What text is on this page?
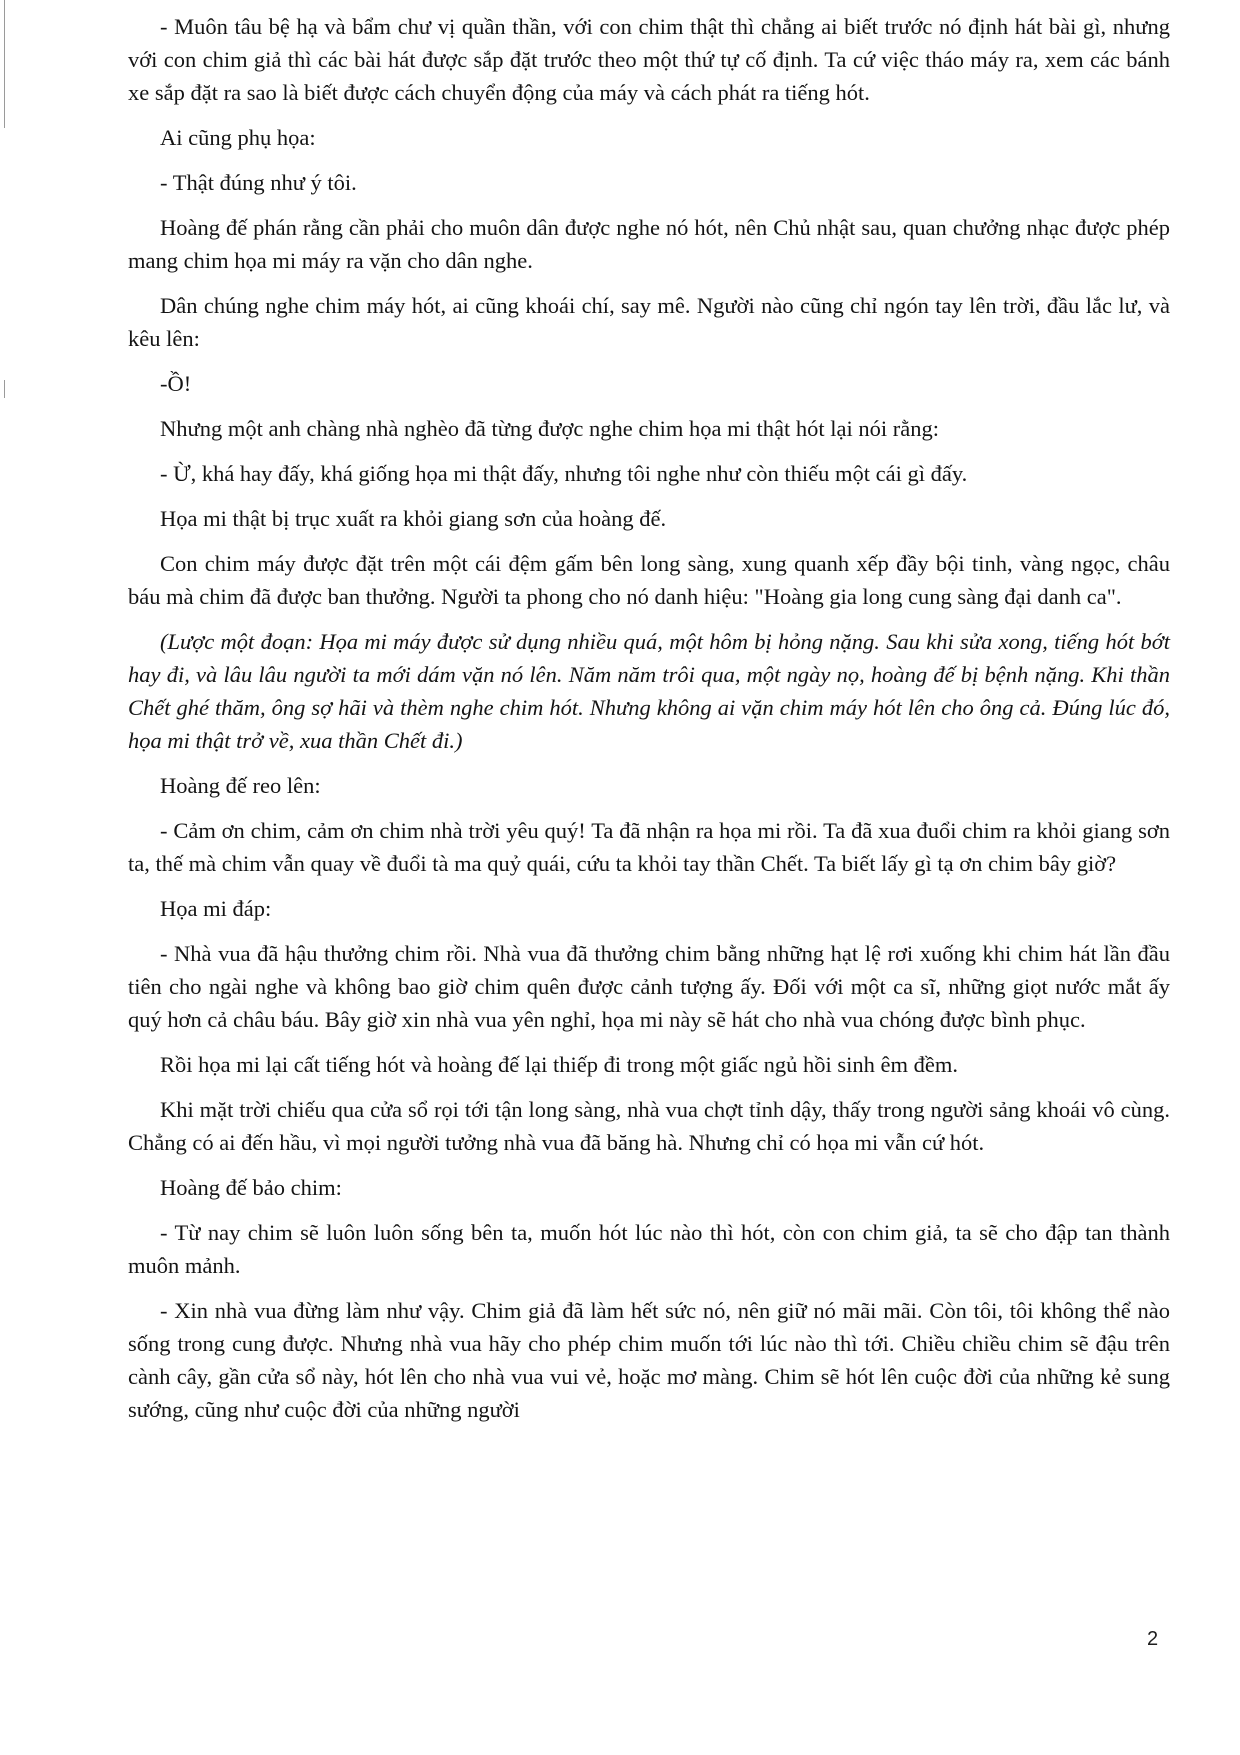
- Muôn tâu bệ hạ và bẩm chư vị quần thần, với con chim thật thì chẳng ai biết trước nó định hát bài gì, nhưng với con chim giả thì các bài hát được sắp đặt trước theo một thứ tự cố định. Ta cứ việc tháo máy ra, xem các bánh xe sắp đặt ra sao là biết được cách chuyển động của máy và cách phát ra tiếng hót.

Ai cũng phụ họa:

- Thật đúng như ý tôi.

Hoàng đế phán rằng cần phải cho muôn dân được nghe nó hót, nên Chủ nhật sau, quan chưởng nhạc được phép mang chim họa mi máy ra vặn cho dân nghe.

Dân chúng nghe chim máy hót, ai cũng khoái chí, say mê. Người nào cũng chỉ ngón tay lên trời, đầu lắc lư, và kêu lên:

-Ồ!

Nhưng một anh chàng nhà nghèo đã từng được nghe chim họa mi thật hót lại nói rằng:

- Ừ, khá hay đấy, khá giống họa mi thật đấy, nhưng tôi nghe như còn thiếu một cái gì đấy.

Họa mi thật bị trục xuất ra khỏi giang sơn của hoàng đế.

Con chim máy được đặt trên một cái đệm gấm bên long sàng, xung quanh xếp đầy bội tinh, vàng ngọc, châu báu mà chim đã được ban thưởng. Người ta phong cho nó danh hiệu: "Hoàng gia long cung sàng đại danh ca".

(Lược một đoạn: Họa mi máy được sử dụng nhiều quá, một hôm bị hỏng nặng. Sau khi sửa xong, tiếng hót bớt hay đi, và lâu lâu người ta mới dám vặn nó lên. Năm năm trôi qua, một ngày nọ, hoàng đế bị bệnh nặng. Khi thần Chết ghé thăm, ông sợ hãi và thèm nghe chim hót. Nhưng không ai vặn chim máy hót lên cho ông cả. Đúng lúc đó, họa mi thật trở về, xua thần Chết đi.)

Hoàng đế reo lên:

- Cảm ơn chim, cảm ơn chim nhà trời yêu quý! Ta đã nhận ra họa mi rồi. Ta đã xua đuổi chim ra khỏi giang sơn ta, thế mà chim vẫn quay về đuổi tà ma quỷ quái, cứu ta khỏi tay thần Chết. Ta biết lấy gì tạ ơn chim bây giờ?

Họa mi đáp:

- Nhà vua đã hậu thưởng chim rồi. Nhà vua đã thưởng chim bằng những hạt lệ rơi xuống khi chim hát lần đầu tiên cho ngài nghe và không bao giờ chim quên được cảnh tượng ấy. Đối với một ca sĩ, những giọt nước mắt ấy quý hơn cả châu báu. Bây giờ xin nhà vua yên nghỉ, họa mi này sẽ hát cho nhà vua chóng được bình phục.

Rồi họa mi lại cất tiếng hót và hoàng đế lại thiếp đi trong một giấc ngủ hồi sinh êm đềm.

Khi mặt trời chiếu qua cửa sổ rọi tới tận long sàng, nhà vua chợt tỉnh dậy, thấy trong người sảng khoái vô cùng. Chẳng có ai đến hầu, vì mọi người tưởng nhà vua đã băng hà. Nhưng chỉ có họa mi vẫn cứ hót.

Hoàng đế bảo chim:

- Từ nay chim sẽ luôn luôn sống bên ta, muốn hót lúc nào thì hót, còn con chim giả, ta sẽ cho đập tan thành muôn mảnh.

- Xin nhà vua đừng làm như vậy. Chim giả đã làm hết sức nó, nên giữ nó mãi mãi. Còn tôi, tôi không thể nào sống trong cung được. Nhưng nhà vua hãy cho phép chim muốn tới lúc nào thì tới. Chiều chiều chim sẽ đậu trên cành cây, gần cửa sổ này, hót lên cho nhà vua vui vẻ, hoặc mơ màng. Chim sẽ hót lên cuộc đời của những kẻ sung sướng, cũng như cuộc đời của những người

2
